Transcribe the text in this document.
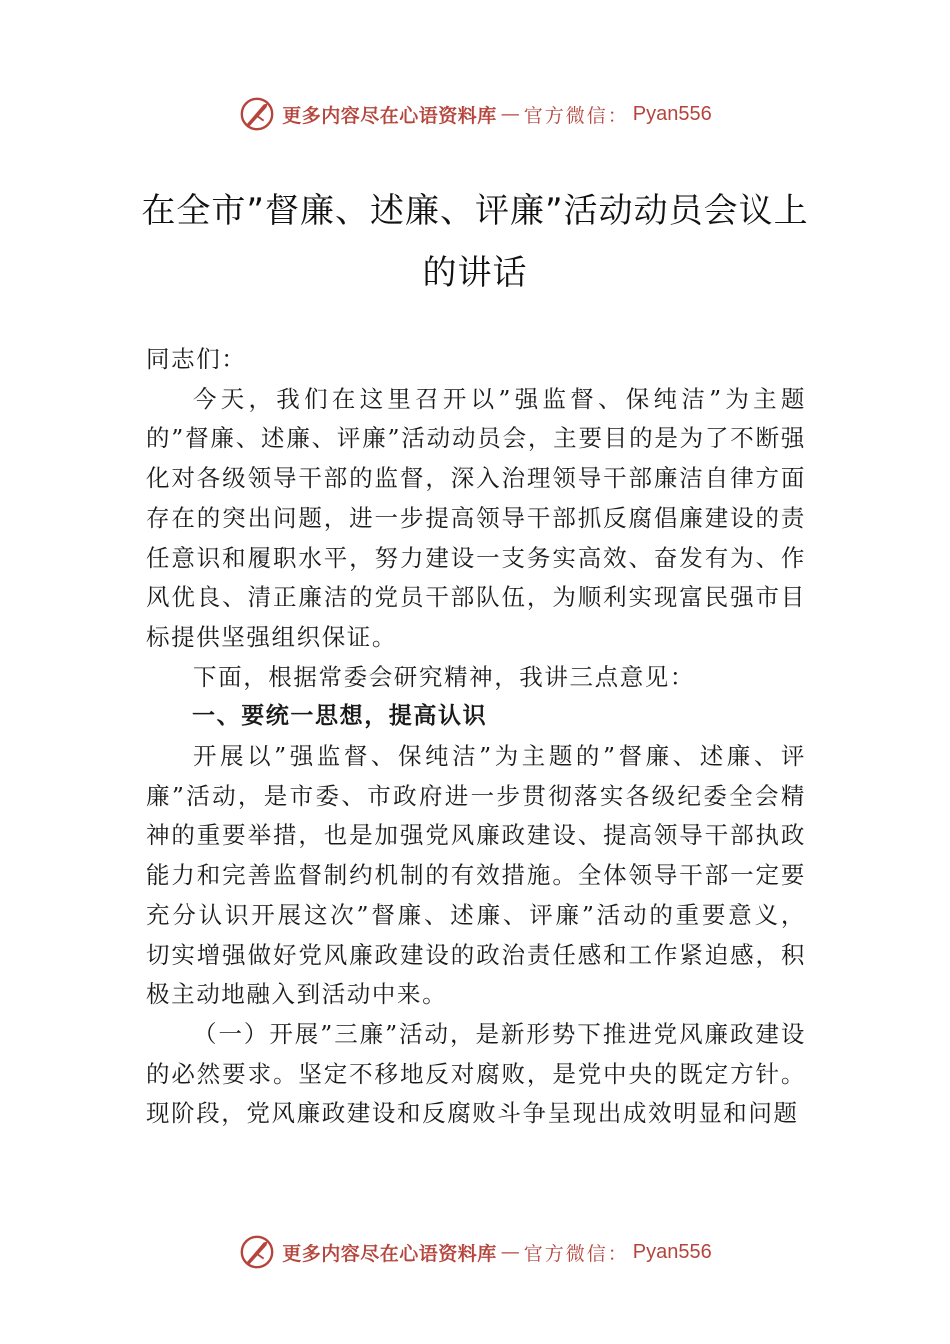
更多内容尽在心语资料库 — 官方微信： Pyan556
在全市”督廉、述廉、评廉”活动动员会议上的讲话

同志们：

今天，我们在这里召开以”强监督、保纯洁”为主题的”督廉、述廉、评廉”活动动员会，主要目的是为了不断强化对各级领导干部的监督，深入治理领导干部廉洁自律方面存在的突出问题，进一步提高领导干部抓反腐倡廉建设的责任意识和履职水平，努力建设一支务实高效、奋发有为、作风优良、清正廉洁的党员干部队伍，为顺利实现富民强市目标提供坚强组织保证。

下面，根据常委会研究精神，我讲三点意见：

一、要统一思想，提高认识

开展以”强监督、保纯洁”为主题的”督廉、述廉、评廉”活动，是市委、市政府进一步贯彻落实各级纪委全会精神的重要举措，也是加强党风廉政建设、提高领导干部执政能力和完善监督制约机制的有效措施。全体领导干部一定要充分认识开展这次”督廉、述廉、评廉”活动的重要意义， 切实增强做好党风廉政建设的政治责任感和工作紧迫感，积极主动地融入到活动中来。

（一）开展”三廉”活动，是新形势下推进党风廉政建设的必然要求。坚定不移地反对腐败，是党中央的既定方针。现阶段，党风廉政建设和反腐败斗争呈现出成效明显和问题

更多内容尽在心语资料库 — 官方微信： Pyan556
